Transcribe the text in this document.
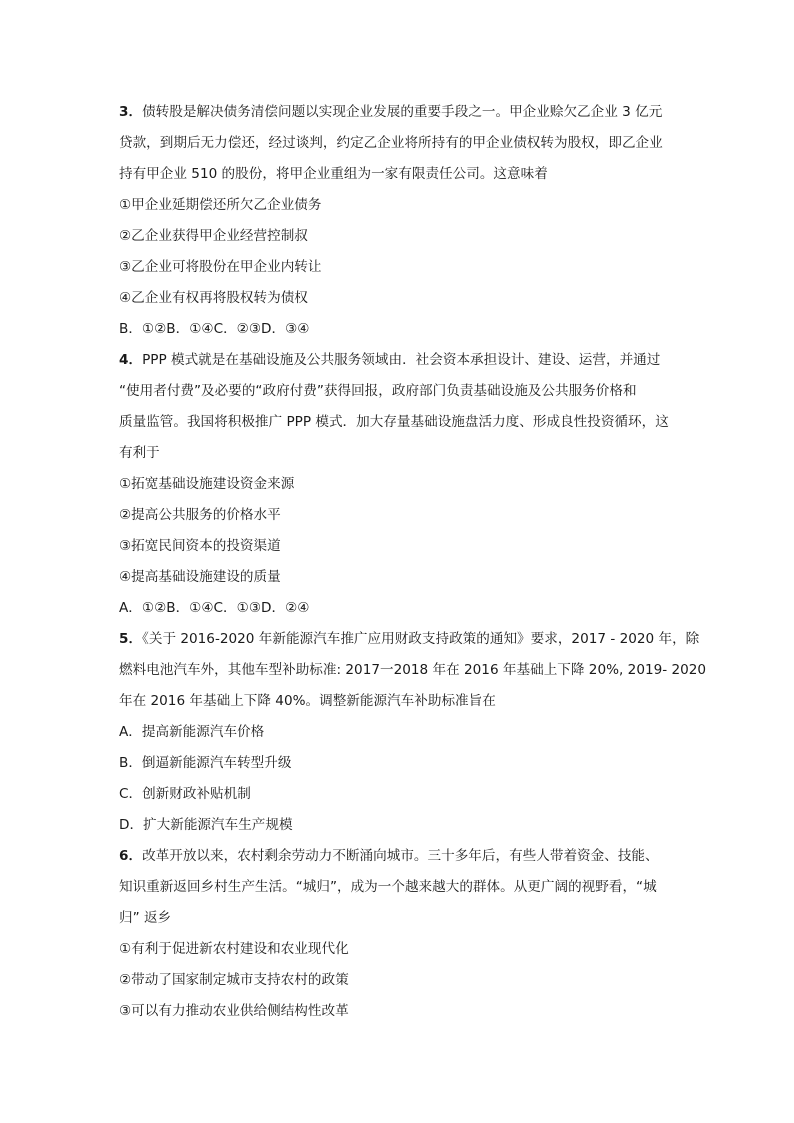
3．债转股是解决债务清偿问题以实现企业发展的重要手段之一。甲企业赊欠乙企业 3 亿元
贷款，到期后无力偿还，经过谈判，约定乙企业将所持有的甲企业债权转为股权，即乙企业
持有甲企业 510 的股份，将甲企业重组为一家有限责任公司。这意味着
①甲企业延期偿还所欠乙企业债务
②乙企业获得甲企业经营控制叔
③乙企业可将股份在甲企业内转让
④乙企业有权再将股权转为债权
B．①②B．①④C．②③D．③④
4．PPP 模式就是在基础设施及公共服务领域由．社会资本承担设计、建设、运营，并通过
“使用者付费”及必要的“政府付费”获得回报，政府部门负责基础设施及公共服务价格和
质量监管。我国将积极推广 PPP 模式．加大存量基础设施盘活力度、形成良性投资循环，这
有利于
①拓宽基础设施建设资金来源
②提高公共服务的价格水平
③拓宽民间资本的投资渠道
④提高基础设施建设的质量
A．①②B．①④C．①③D．②④
5．《关于 2016-2020 年新能源汽车推广应用财政支持政策的通知》要求，2017 - 2020 年，除
燃料电池汽车外，其他车型补助标准: 2017一2018 年在 2016 年基础上下降 20%, 2019- 2020
年在 2016 年基础上下降 40%。调整新能源汽车补助标准旨在
A．提高新能源汽车价格
B．倒逼新能源汽车转型升级
C．创新财政补贴机制
D．扩大新能源汽车生产规模
6．改革开放以来，农村剩余劳动力不断涌向城市。三十多年后，有些人带着资金、技能、
知识重新返回乡村生产生活。“城归”，成为一个越来越大的群体。从更广阔的视野看，“城
归” 返乡
①有利于促进新农村建设和农业现代化
②带动了国家制定城市支持农村的政策
③可以有力推动农业供给侧结构性改革
